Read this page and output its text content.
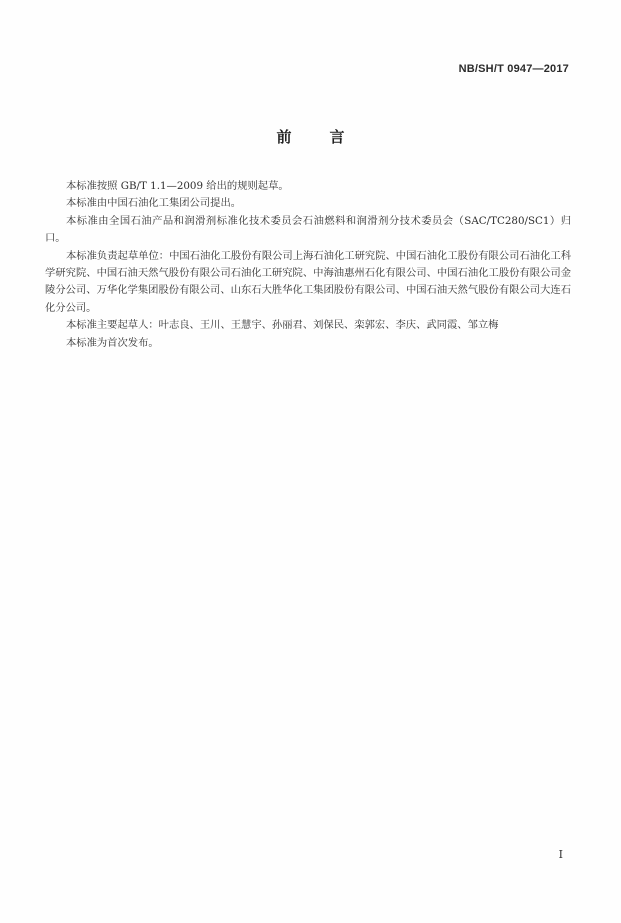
NB/SH/T 0947—2017
前	言

本标准按照 GB/T 1.1—2009 给出的规则起草。

本标准由中国石油化工集团公司提出。

本标准由全国石油产品和润滑剂标准化技术委员会石油燃料和润滑剂分技术委员会（SAC/TC280/SC1）归口。

本标准负责起草单位：中国石油化工股份有限公司上海石油化工研究院、中国石油化工股份有限公司石油化工科学研究院、中国石油天然气股份有限公司石油化工研究院、中海油惠州石化有限公司、中国石油化工股份有限公司金陵分公司、万华化学集团股份有限公司、山东石大胜华化工集团股份有限公司、中国石油天然气股份有限公司大连石化分公司。

本标准主要起草人：叶志良、王川、王慧宇、孙丽君、刘保民、栾郭宏、李庆、武同霞、邹立梅

本标准为首次发布。

I
